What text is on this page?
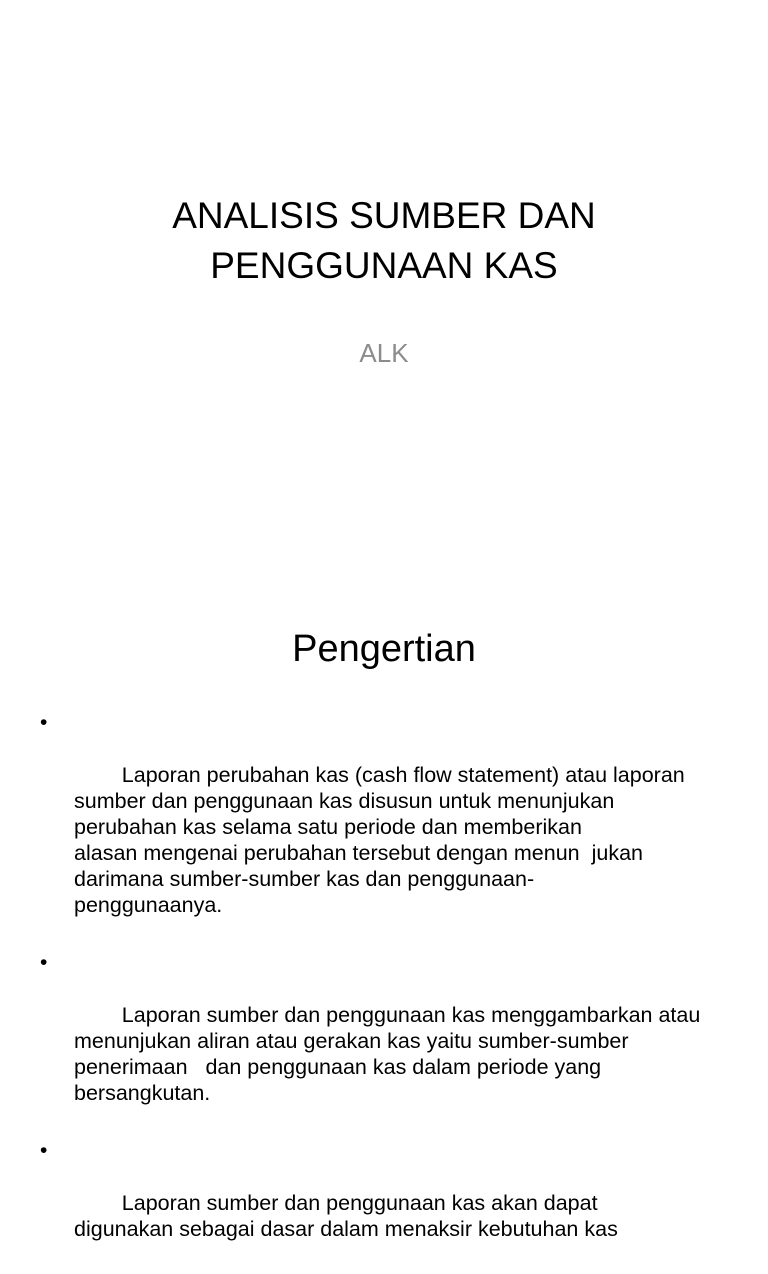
ANALISIS SUMBER DAN
PENGGUNAAN KAS

ALK

Pengertian

•

Laporan perubahan kas (cash flow statement) atau laporan
sumber dan penggunaan kas disusun untuk menunjukan
perubahan kas selama satu periode dan memberikan
alasan mengenai perubahan tersebut dengan menun  jukan
darimana sumber-sumber kas dan penggunaan-
penggunaanya.

•

Laporan sumber dan penggunaan kas menggambarkan atau
menunjukan aliran atau gerakan kas yaitu sumber-sumber
penerimaan   dan penggunaan kas dalam periode yang
bersangkutan.

•

Laporan sumber dan penggunaan kas akan dapat
digunakan sebagai dasar dalam menaksir kebutuhan kas
